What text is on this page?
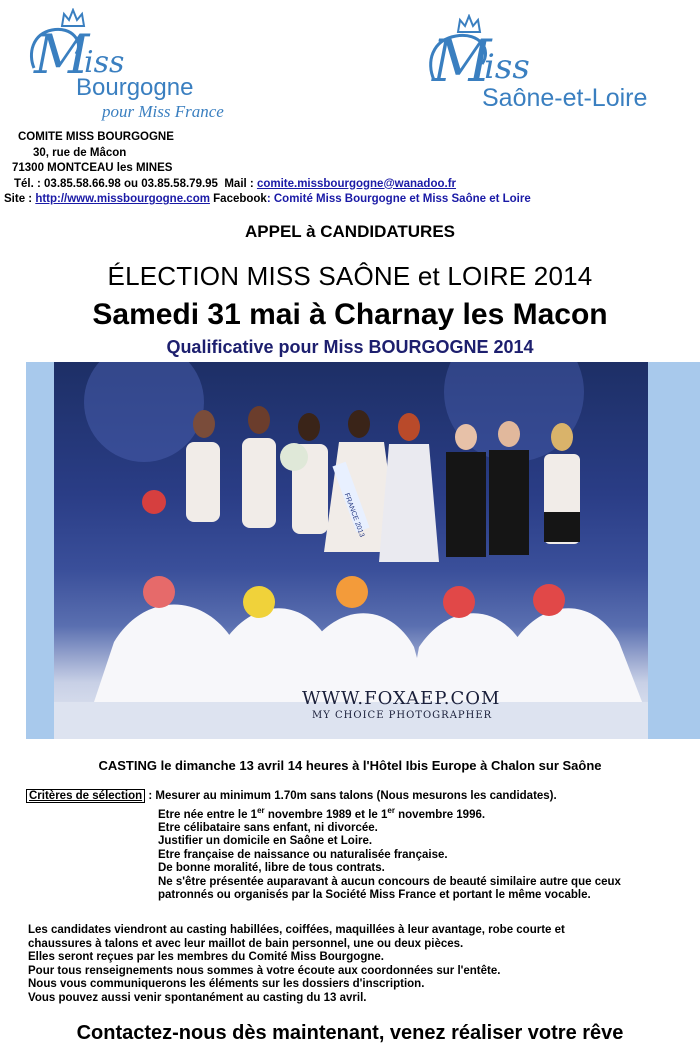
M
iss
Bourgogne
pour Miss France
M
iss
Saône-et-Loire
COMITE MISS BOURGOGNE
30, rue de Mâcon
71300 MONTCEAU les MINES
Tél. : 03.85.58.66.98 ou 03.85.58.79.95 Mail : comite.missbourgogne@wanadoo.fr
Site : http://www.missbourgogne.com Facebook: Comité Miss Bourgogne et Miss Saône et Loire
APPEL à CANDIDATURES
ÉLECTION MISS SAÔNE et LOIRE 2014
Samedi 31 mai à Charnay les Macon
Qualificative pour Miss BOURGOGNE 2014
FRANCE 2013
WWW.FOXAEP.COM
MY CHOICE PHOTOGRAPHER
CASTING le dimanche 13 avril 14 heures à l'Hôtel Ibis Europe à Chalon sur Saône
Critères de sélection : Mesurer au minimum 1.70m sans talons (Nous mesurons les candidates).
Etre née entre le 1er novembre 1989 et le 1er novembre 1996.
Etre célibataire sans enfant, ni divorcée.
Justifier un domicile en Saône et Loire.
Etre française de naissance ou naturalisée française.
De bonne moralité, libre de tous contrats.
Ne s'être présentée auparavant à aucun concours de beauté similaire autre que ceux
patronnés ou organisés par la Société Miss France et portant le même vocable.
Les candidates viendront au casting habillées, coiffées, maquillées à leur avantage, robe courte et
chaussures à talons et avec leur maillot de bain personnel, une ou deux pièces.
Elles seront reçues par les membres du Comité Miss Bourgogne.
Pour tous renseignements nous sommes à votre écoute aux coordonnées sur l'entête.
Nous vous communiquerons les éléments sur les dossiers d'inscription.
Vous pouvez aussi venir spontanément au casting du 13 avril.
Contactez-nous dès maintenant, venez réaliser votre rêve
